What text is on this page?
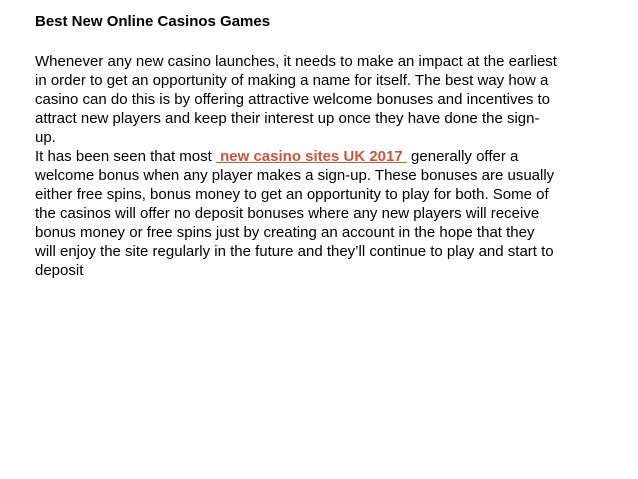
Best New Online Casinos Games

Whenever any new casino launches, it needs to make an impact at the earliest

in order to get an opportunity of making a name for itself. The best way how a

casino can do this is by offering attractive welcome bonuses and incentives to

attract new players and keep their interest up once they have done the sign-

up.

It has been seen that most  new casino sites UK 2017  generally offer a

welcome bonus when any player makes a sign-up. These bonuses are usually

either free spins, bonus money to get an opportunity to play for both. Some of

the casinos will offer no deposit bonuses where any new players will receive

bonus money or free spins just by creating an account in the hope that they

will enjoy the site regularly in the future and they’ll continue to play and start to

deposit
